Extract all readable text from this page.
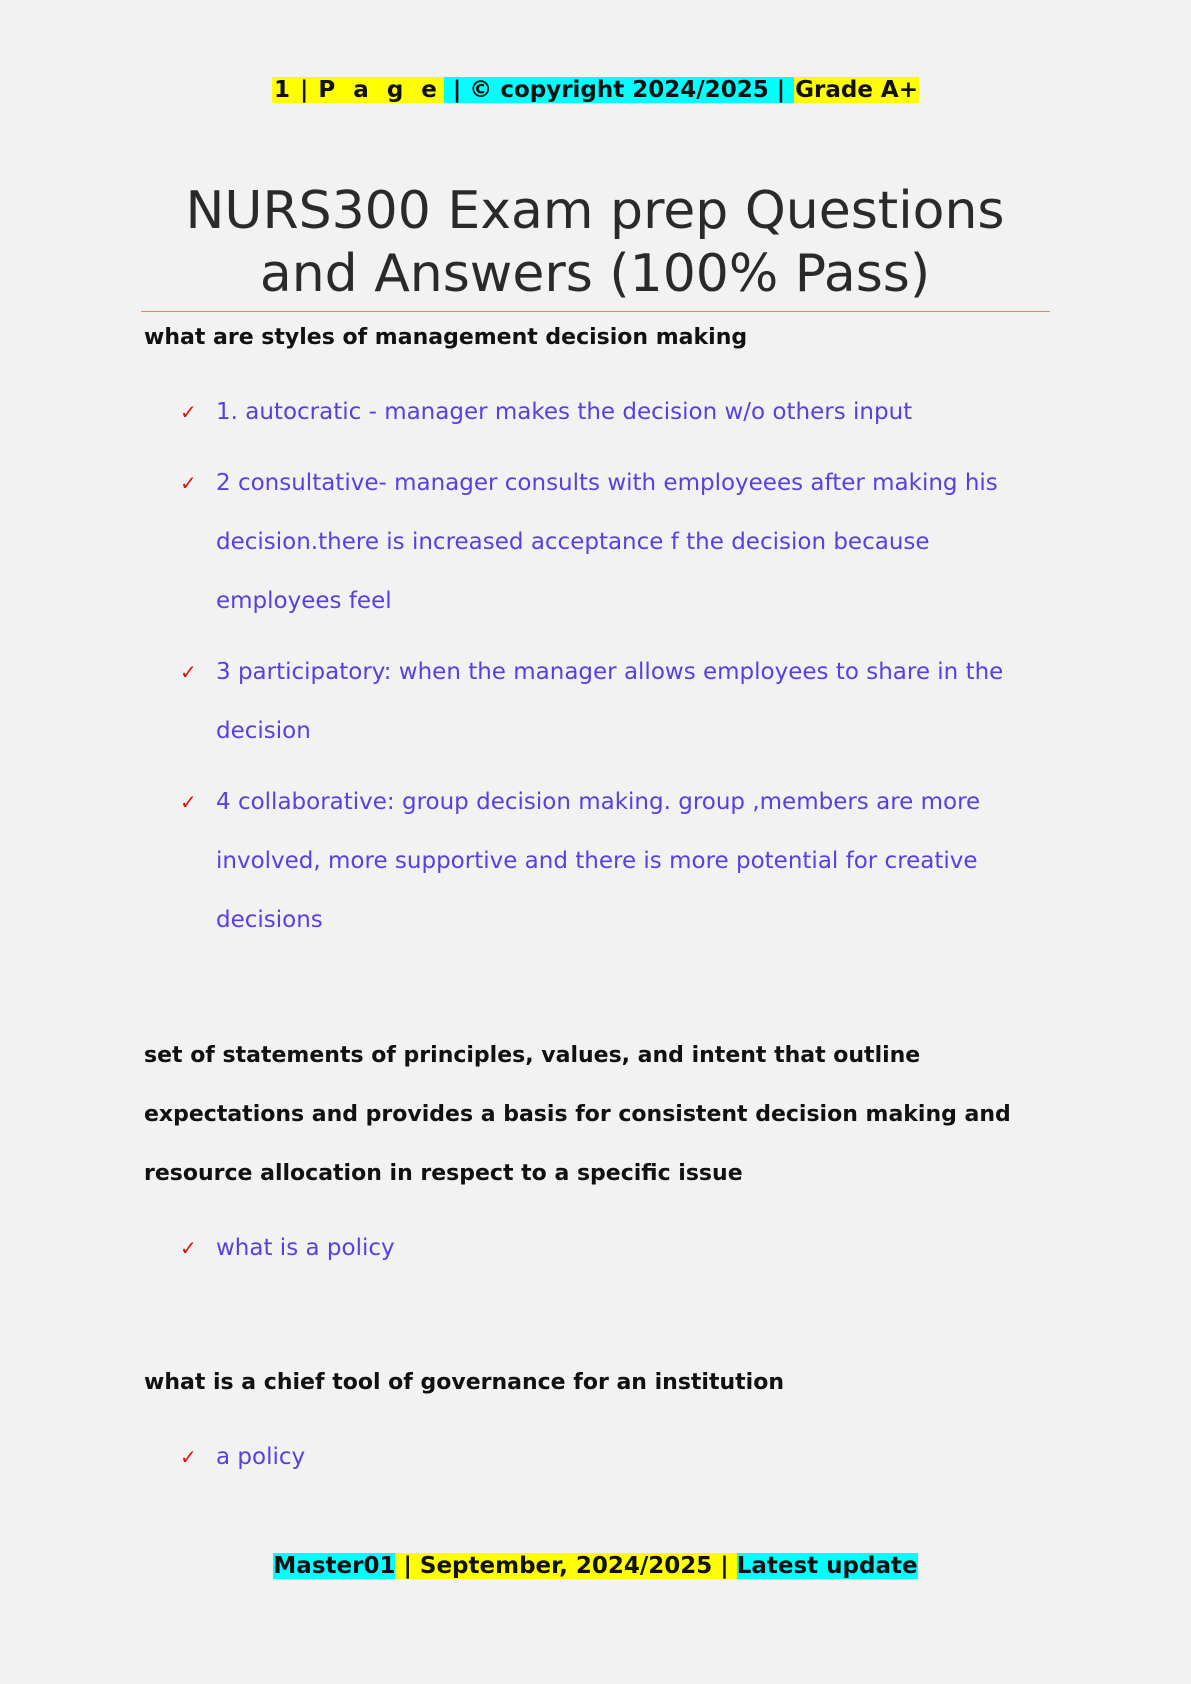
1 | P a g e | © copyright 2024/2025 | Grade A+
NURS300 Exam prep Questions and Answers (100% Pass)

what are styles of management decision making

✓ 1. autocratic - manager makes the decision w/o others input
✓ 2 consultative- manager consults with employeees after making his decision.there is increased acceptance f the decision because employees feel
✓ 3 participatory: when the manager allows employees to share in the decision
✓ 4 collaborative: group decision making. group ,members are more involved, more supportive and there is more potential for creative decisions

set of statements of principles, values, and intent that outline expectations and provides a basis for consistent decision making and resource allocation in respect to a specific issue

✓ what is a policy

what is a chief tool of governance for an institution

✓ a policy
Master01 | September, 2024/2025 | Latest update
